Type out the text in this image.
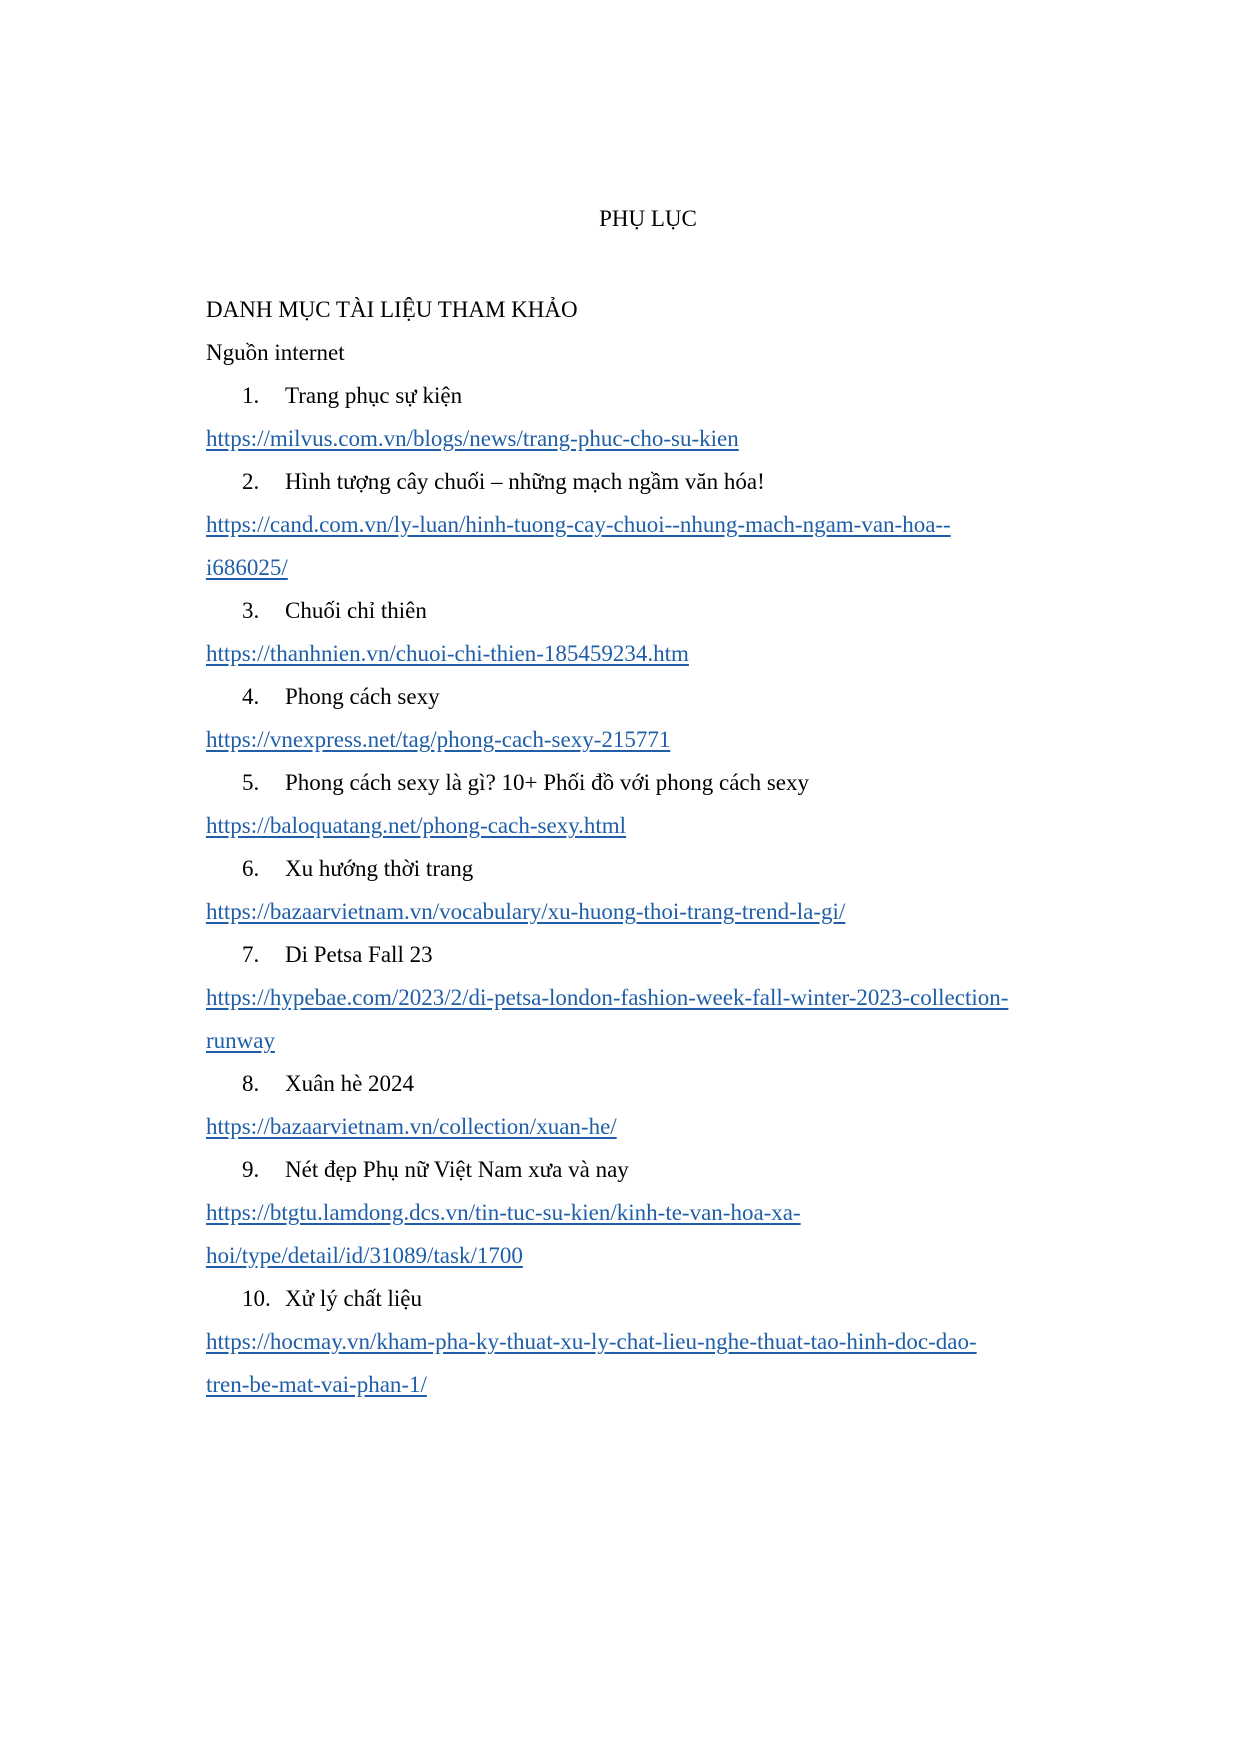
PHỤ LỤC
DANH MỤC TÀI LIỆU THAM KHẢO
Nguồn internet
1. Trang phục sự kiện
https://milvus.com.vn/blogs/news/trang-phuc-cho-su-kien
2. Hình tượng cây chuối – những mạch ngầm văn hóa!
https://cand.com.vn/ly-luan/hinh-tuong-cay-chuoi--nhung-mach-ngam-van-hoa--
i686025/
3. Chuối chỉ thiên
https://thanhnien.vn/chuoi-chi-thien-185459234.htm
4. Phong cách sexy
https://vnexpress.net/tag/phong-cach-sexy-215771
5. Phong cách sexy là gì? 10+ Phối đồ với phong cách sexy
https://baloquatang.net/phong-cach-sexy.html
6. Xu hướng thời trang
https://bazaarvietnam.vn/vocabulary/xu-huong-thoi-trang-trend-la-gi/
7. Di Petsa Fall 23
https://hypebae.com/2023/2/di-petsa-london-fashion-week-fall-winter-2023-collection-
runway
8. Xuân hè 2024
https://bazaarvietnam.vn/collection/xuan-he/
9. Nét đẹp Phụ nữ Việt Nam xưa và nay
https://btgtu.lamdong.dcs.vn/tin-tuc-su-kien/kinh-te-van-hoa-xa-
hoi/type/detail/id/31089/task/1700
10. Xử lý chất liệu
https://hocmay.vn/kham-pha-ky-thuat-xu-ly-chat-lieu-nghe-thuat-tao-hinh-doc-dao-
tren-be-mat-vai-phan-1/
